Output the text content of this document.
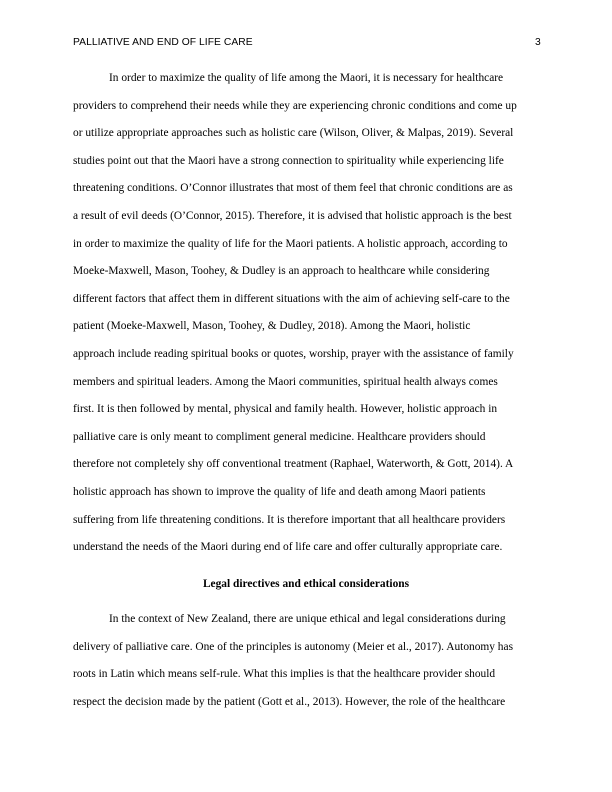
PALLIATIVE AND END OF LIFE CARE	3
In order to maximize the quality of life among the Maori, it is necessary for healthcare
providers to comprehend their needs while they are experiencing chronic conditions and come up
or utilize appropriate approaches such as holistic care (Wilson, Oliver, & Malpas, 2019). Several
studies point out that the Maori have a strong connection to spirituality while experiencing life
threatening conditions. O’Connor illustrates that most of them feel that chronic conditions are as
a result of evil deeds (O’Connor, 2015). Therefore, it is advised that holistic approach is the best
in order to maximize the quality of life for the Maori patients. A holistic approach, according to
Moeke-Maxwell, Mason, Toohey, & Dudley is an approach to healthcare while considering
different factors that affect them in different situations with the aim of achieving self-care to the
patient (Moeke-Maxwell, Mason, Toohey, & Dudley, 2018). Among the Maori, holistic
approach include reading spiritual books or quotes, worship, prayer with the assistance of family
members and spiritual leaders. Among the Maori communities, spiritual health always comes
first. It is then followed by mental, physical and family health. However, holistic approach in
palliative care is only meant to compliment general medicine. Healthcare providers should
therefore not completely shy off conventional treatment (Raphael, Waterworth, & Gott, 2014). A
holistic approach has shown to improve the quality of life and death among Maori patients
suffering from life threatening conditions. It is therefore important that all healthcare providers
understand the needs of the Maori during end of life care and offer culturally appropriate care.
Legal directives and ethical considerations
In the context of New Zealand, there are unique ethical and legal considerations during
delivery of palliative care. One of the principles is autonomy (Meier et al., 2017). Autonomy has
roots in Latin which means self-rule. What this implies is that the healthcare provider should
respect the decision made by the patient (Gott et al., 2013). However, the role of the healthcare
